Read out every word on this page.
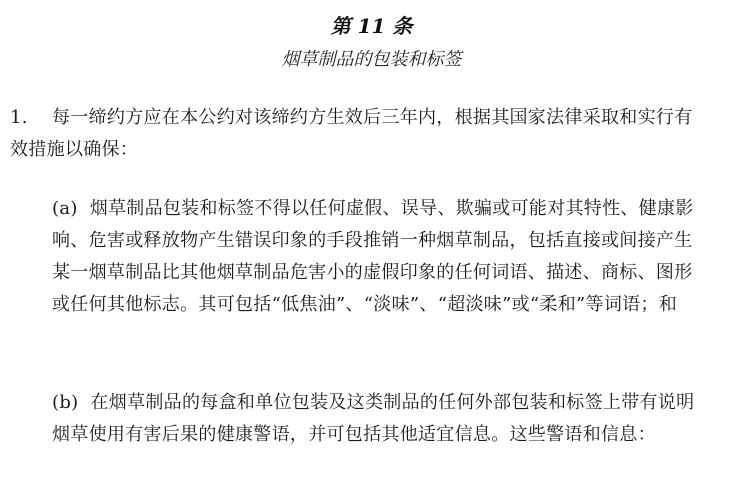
第 11 条
烟草制品的包装和标签
1. 每一缔约方应在本公约对该缔约方生效后三年内，根据其国家法律采取和实行有效措施以确保：
(a) 烟草制品包装和标签不得以任何虚假、误导、欺骗或可能对其特性、健康影响、危害或释放物产生错误印象的手段推销一种烟草制品，包括直接或间接产生某一烟草制品比其他烟草制品危害小的虚假印象的任何词语、描述、商标、图形或任何其他标志。其可包括“低焦油”、“淡味”、“超淡味”或“柔和”等词语；和
(b) 在烟草制品的每盒和单位包装及这类制品的任何外部包装和标签上带有说明烟草使用有害后果的健康警语，并可包括其他适宜信息。这些警语和信息：
